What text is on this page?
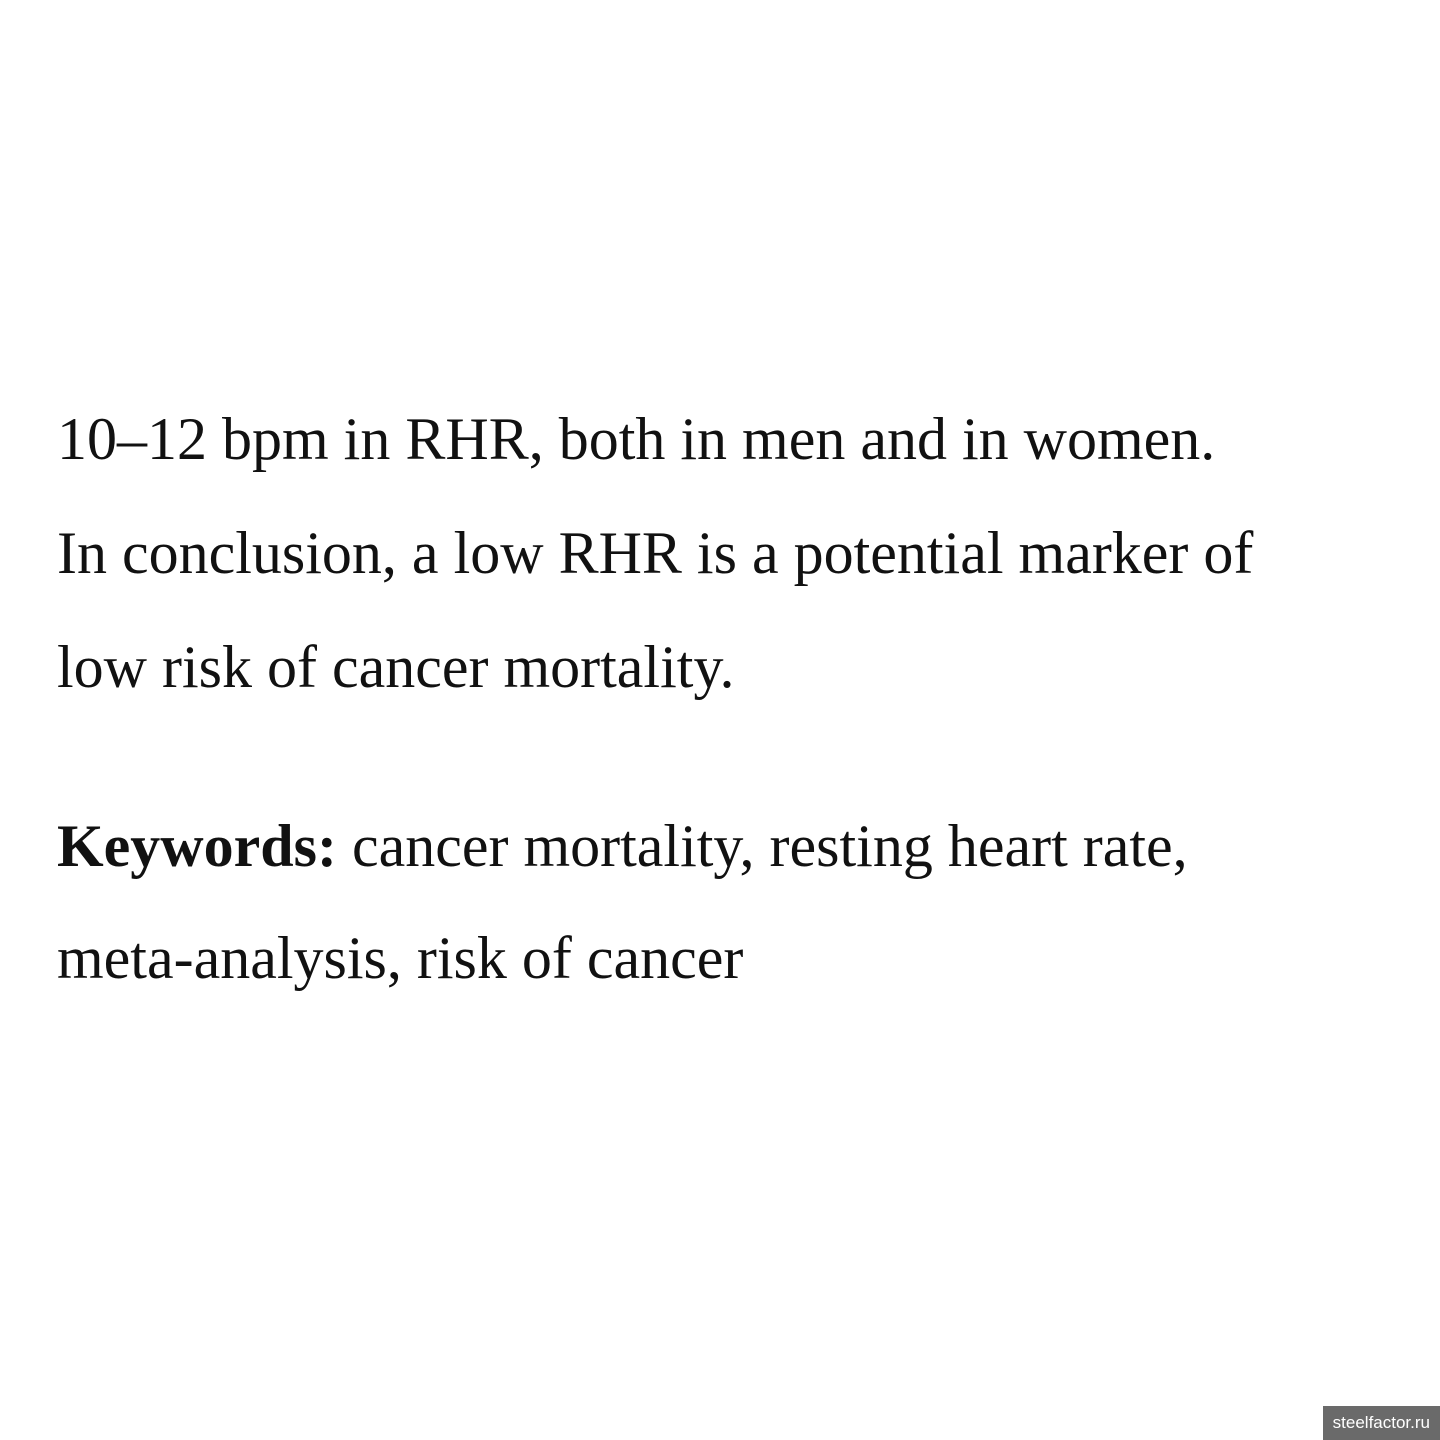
10–12 bpm in RHR, both in men and in women.

In conclusion, a low RHR is a potential marker of

low risk of cancer mortality.

Keywords: cancer mortality, resting heart rate,

meta-analysis, risk of cancer

steelfactor.ru
